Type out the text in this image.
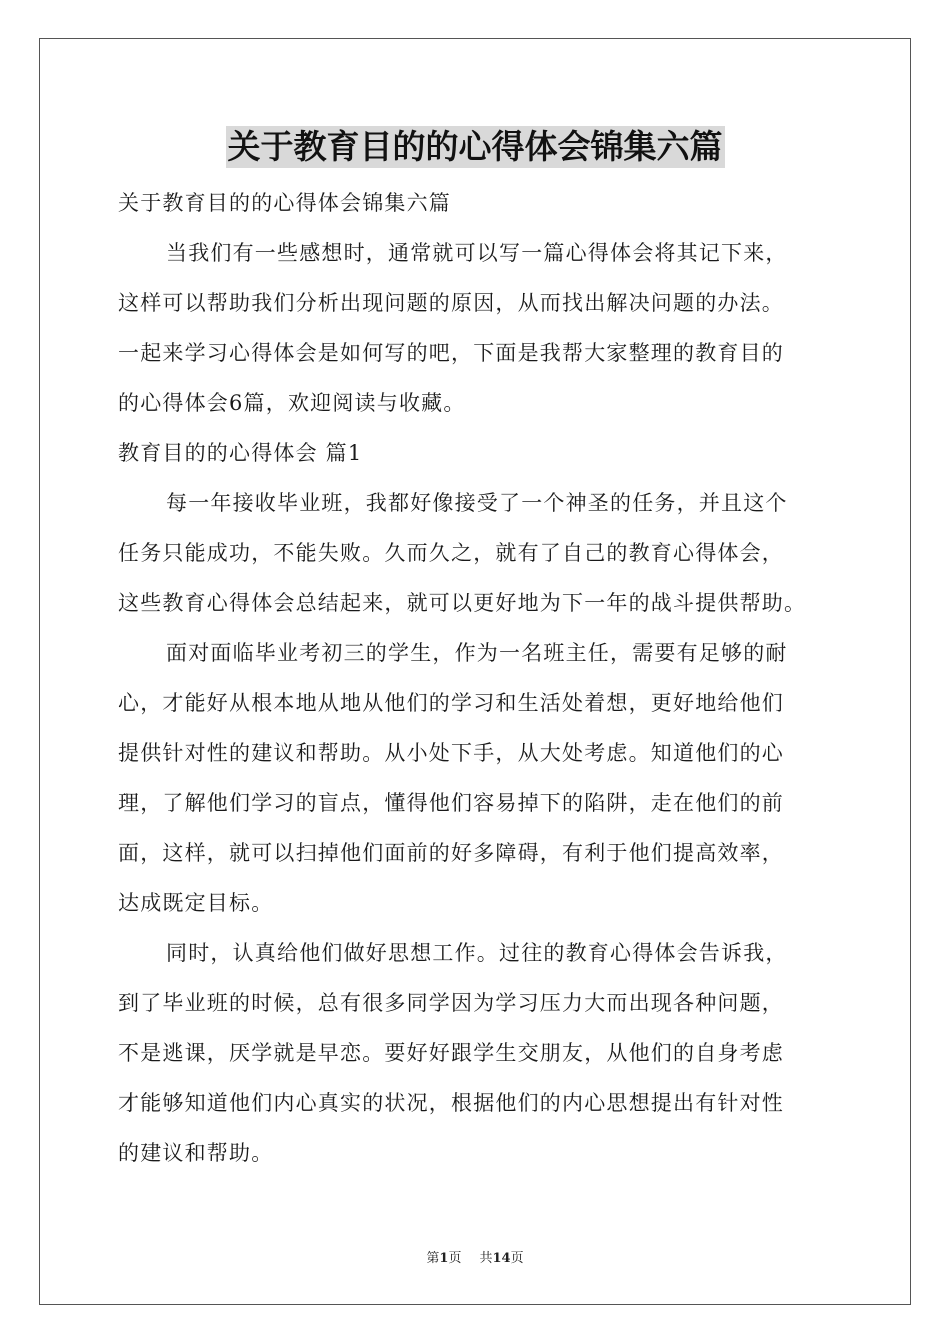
关于教育目的的心得体会锦集六篇
关于教育目的的心得体会锦集六篇
当我们有一些感想时，通常就可以写一篇心得体会将其记下来，
这样可以帮助我们分析出现问题的原因，从而找出解决问题的办法。
一起来学习心得体会是如何写的吧，下面是我帮大家整理的教育目的
的心得体会6篇，欢迎阅读与收藏。
教育目的的心得体会 篇1
每一年接收毕业班，我都好像接受了一个神圣的任务，并且这个
任务只能成功，不能失败。久而久之，就有了自己的教育心得体会，
这些教育心得体会总结起来，就可以更好地为下一年的战斗提供帮助。
面对面临毕业考初三的学生，作为一名班主任，需要有足够的耐
心，才能好从根本地从地从他们的学习和生活处着想，更好地给他们
提供针对性的建议和帮助。从小处下手，从大处考虑。知道他们的心
理，了解他们学习的盲点，懂得他们容易掉下的陷阱，走在他们的前
面，这样，就可以扫掉他们面前的好多障碍，有利于他们提高效率，
达成既定目标。
同时，认真给他们做好思想工作。过往的教育心得体会告诉我，
到了毕业班的时候，总有很多同学因为学习压力大而出现各种问题，
不是逃课，厌学就是早恋。要好好跟学生交朋友，从他们的自身考虑
才能够知道他们内心真实的状况，根据他们的内心思想提出有针对性
的建议和帮助。
第1页 共14页
